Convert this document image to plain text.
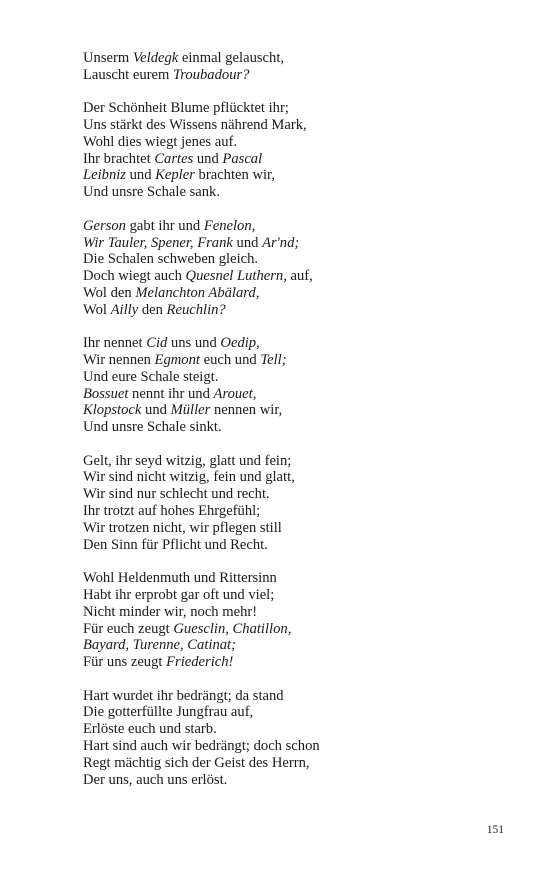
Unserm Veldegk einmal gelauscht,
Lauscht eurem Troubadour?
Der Schönheit Blume pflücktet ihr;
Uns stärkt des Wissens nährend Mark,
Wohl dies wiegt jenes auf.
Ihr brachtet Cartes und Pascal
Leibniz und Kepler brachten wir,
Und unsre Schale sank.
Gerson gabt ihr und Fenelon,
Wir Tauler, Spener, Frank und Ar'nd;
Die Schalen schweben gleich.
Doch wiegt auch Quesnel Luthern, auf,
Wol den Melanchton Abälard,
Wol Ailly den Reuchlin?
Ihr nennet Cid uns und Oedip,
Wir nennen Egmont euch und Tell;
Und eure Schale steigt.
Bossuet nennt ihr und Arouet,
Klopstock und Müller nennen wir,
Und unsre Schale sinkt.
Gelt, ihr seyd witzig, glatt und fein;
Wir sind nicht witzig, fein und glatt,
Wir sind nur schlecht und recht.
Ihr trotzt auf hohes Ehrgefühl;
Wir trotzen nicht, wir pflegen still
Den Sinn für Pflicht und Recht.
Wohl Heldenmuth und Rittersinn
Habt ihr erprobt gar oft und viel;
Nicht minder wir, noch mehr!
Für euch zeugt Guesclin, Chatillon,
Bayard, Turenne, Catinat;
Für uns zeugt Friederich!
Hart wurdet ihr bedrängt; da stand
Die gotterfüllte Jungfrau auf,
Erlöste euch und starb.
Hart sind auch wir bedrängt; doch schon
Regt mächtig sich der Geist des Herrn,
Der uns, auch uns erlöst.
151
